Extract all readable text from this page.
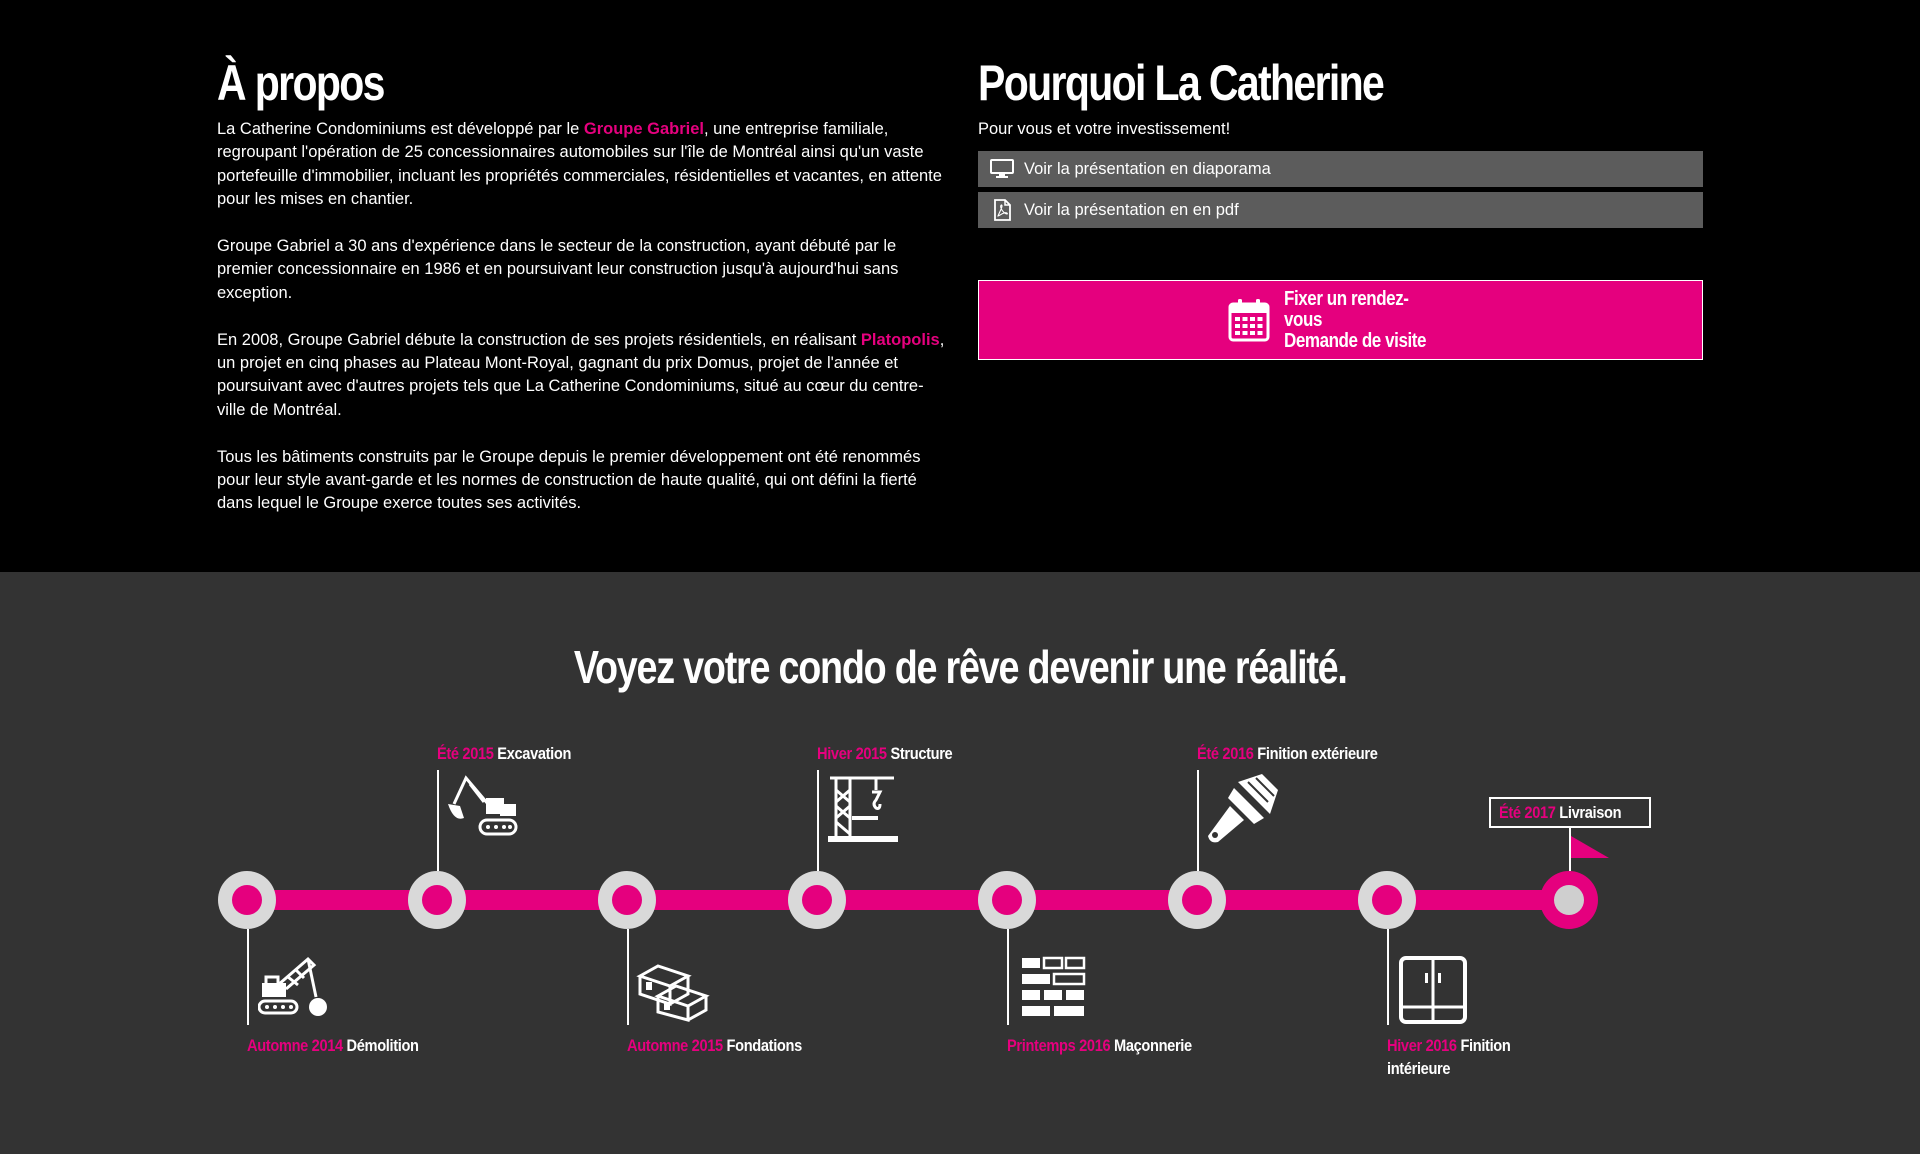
À propos

La Catherine Condominiums est développé par le Groupe Gabriel, une entreprise familiale, regroupant l'opération de 25 concessionnaires automobiles sur l'île de Montréal ainsi qu'un vaste portefeuille d'immobilier, incluant les propriétés commerciales, résidentielles et vacantes, en attente pour les mises en chantier.

Groupe Gabriel a 30 ans d'expérience dans le secteur de la construction, ayant débuté par le premier concessionnaire en 1986 et en poursuivant leur construction jusqu'à aujourd'hui sans exception.

En 2008, Groupe Gabriel débute la construction de ses projets résidentiels, en réalisant Platopolis, un projet en cinq phases au Plateau Mont-Royal, gagnant du prix Domus, projet de l'année et poursuivant avec d'autres projets tels que La Catherine Condominiums, situé au cœur du centre-ville de Montréal.

Tous les bâtiments construits par le Groupe depuis le premier développement ont été renommés pour leur style avant-garde et les normes de construction de haute qualité, qui ont défini la fierté dans lequel le Groupe exerce toutes ses activités.

Pourquoi La Catherine
Pour vous et votre investissement!
Voir la présentation en diaporama
Voir la présentation en en pdf
Fixer un rendez-vous
Demande de visite
Voyez votre condo de rêve devenir une réalité.
Automne 2014 Démolition
Été 2015 Excavation
Automne 2015 Fondations
Hiver 2015 Structure
Printemps 2016 Maçonnerie
Été 2016 Finition extérieure
Hiver 2016 Finition
intérieure
Été 2017 Livraison
